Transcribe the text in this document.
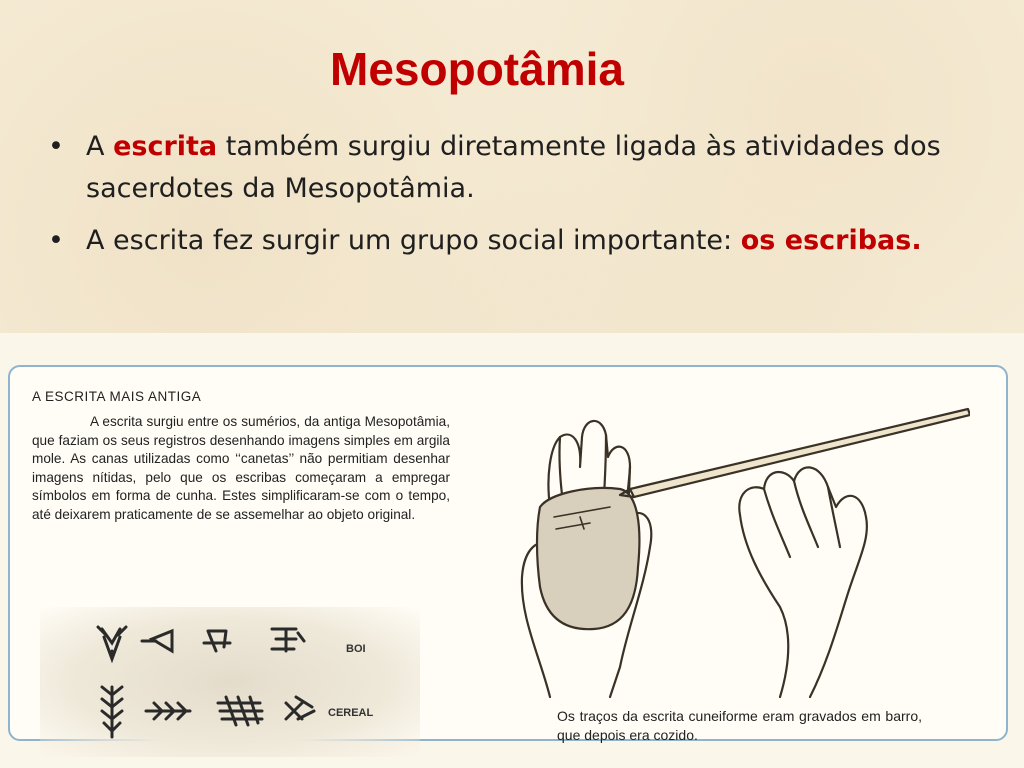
Mesopotâmia
• A escrita também surgiu diretamente ligada às atividades dos sacerdotes da Mesopotâmia.
• A escrita fez surgir um grupo social importante: os escribas.
A ESCRITA MAIS ANTIGA
A escrita surgiu entre os sumérios, da antiga Mesopotâmia, que faziam os seus registros desenhando imagens simples em argila mole. As canas utilizadas como ‘‘canetas’’ não permitiam desenhar imagens nítidas, pelo que os escribas começaram a empregar símbolos em forma de cunha. Estes simplificaram-se com o tempo, até deixarem praticamente de se assemelhar ao objeto original.
BOI
CEREAL	Os traços da escrita cuneiforme eram gravados em barro, que depois era cozido.
